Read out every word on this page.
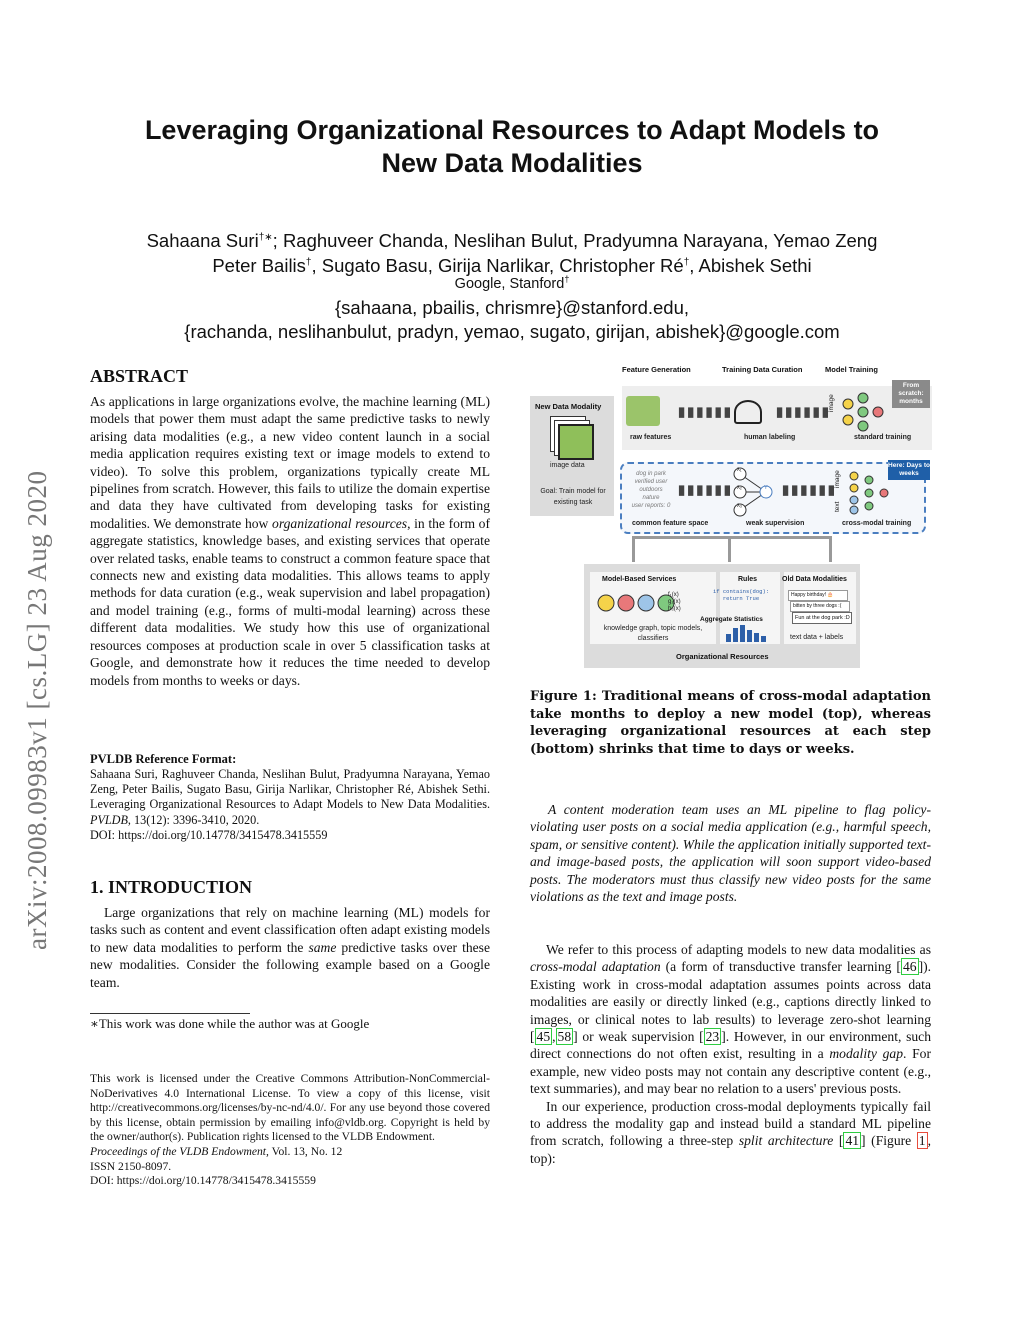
arXiv:2008.09983v1 [cs.LG] 23 Aug 2020
Leveraging Organizational Resources to Adapt Models to
New Data Modalities
Sahaana Suri†∗; Raghuveer Chanda, Neslihan Bulut, Pradyumna Narayana, Yemao Zeng
Peter Bailis†, Sugato Basu, Girija Narlikar, Christopher Ré†, Abishek Sethi
Google, Stanford†
{sahaana, pbailis, chrismre}@stanford.edu,
{rachanda, neslihanbulut, pradyn, yemao, sugato, girijan, abishek}@google.com
ABSTRACT

As applications in large organizations evolve, the machine learning (ML) models that power them must adapt the same predictive tasks to newly arising data modalities (e.g., a new video content launch in a social media application requires existing text or image models to extend to video). To solve this problem, organizations typically create ML pipelines from scratch. However, this fails to utilize the domain expertise and data they have cultivated from developing tasks for existing modalities. We demonstrate how organizational resources, in the form of aggregate statistics, knowledge bases, and existing services that operate over related tasks, enable teams to construct a common feature space that connects new and existing data modalities. This allows teams to apply methods for data curation (e.g., weak supervision and label propagation) and model training (e.g., forms of multi-modal learning) across these different data modalities. We study how this use of organizational resources composes at production scale in over 5 classification tasks at Google, and demonstrate how it reduces the time needed to develop models from months to weeks or days.

PVLDB Reference Format:

Sahaana Suri, Raghuveer Chanda, Neslihan Bulut, Pradyumna Narayana, Yemao Zeng, Peter Bailis, Sugato Basu, Girija Narlikar, Christopher Ré, Abishek Sethi. Leveraging Organizational Resources to Adapt Models to New Data Modalities. PVLDB, 13(12): 3396-3410, 2020.

DOI: https://doi.org/10.14778/3415478.3415559
1. INTRODUCTION

Large organizations that rely on machine learning (ML) models for tasks such as content and event classification often adapt existing models to new data modalities to perform the same predictive tasks over these new modalities. Consider the following example based on a Google team.

∗This work was done while the author was at Google

This work is licensed under the Creative Commons Attribution-NonCommercial-NoDerivatives 4.0 International License. To view a copy of this license, visit http://creativecommons.org/licenses/by-nc-nd/4.0/. For any use beyond those covered by this license, obtain permission by emailing info@vldb.org. Copyright is held by the owner/author(s). Publication rights licensed to the VLDB Endowment.

Proceedings of the VLDB Endowment, Vol. 13, No. 12
ISSN 2150-8097.
DOI: https://doi.org/10.14778/3415478.3415559
Feature Generation	Training Data Curation	Model Training
New Data Modality
image data
Goal: Train model for existing task
▮▮▮▮▮▮	▮▮▮▮▮▮
image
raw features	human labeling	standard training
From scratch: months
dog in park
verified user
outdoors
nature
user reports: 0
▮▮▮▮▮▮
λ₁
λ₂
λ₃
Y ▮▮▮▮▮▮
image
text
common feature space	weak supervision	cross-modal training
Here: Days to weeks
Model-Based Services
f₁(x)
g₂(x)
h₃(x)
knowledge graph, topic models, classifiers
Rules
if contains(dog):
return True
Aggregate Statistics
Old Data Modalities
Happy birthday! 🎂
bitten by three dogs :(
Fun at the dog park :D
text data + labels
Organizational Resources
Figure 1: Traditional means of cross-modal adaptation take months to deploy a new model (top), whereas leveraging organizational resources at each step (bottom) shrinks that time to days or weeks.

A content moderation team uses an ML pipeline to flag policy-violating user posts on a social media application (e.g., harmful speech, spam, or sensitive content). While the application initially supported text- and image-based posts, the application will soon support video-based posts. The moderators must thus classify new video posts for the same violations as the text and image posts.

We refer to this process of adapting models to new data modalities as cross-modal adaptation (a form of transductive transfer learning [ 46 ]). Existing work in cross-modal adaptation assumes points across data modalities are easily or directly linked (e.g., captions directly linked to images, or clinical notes to lab results) to leverage zero-shot learning [ 45 , 58 ] or weak supervision [ 23 ]. However, in our environment, such direct connections do not often exist, resulting in a modality gap. For example, new video posts may not contain any descriptive content (e.g., text summaries), and may bear no relation to a users' previous posts.

In our experience, production cross-modal deployments typically fail to address the modality gap and instead build a standard ML pipeline from scratch, following a three-step split architecture [ 41 ] (Figure 1 , top):
